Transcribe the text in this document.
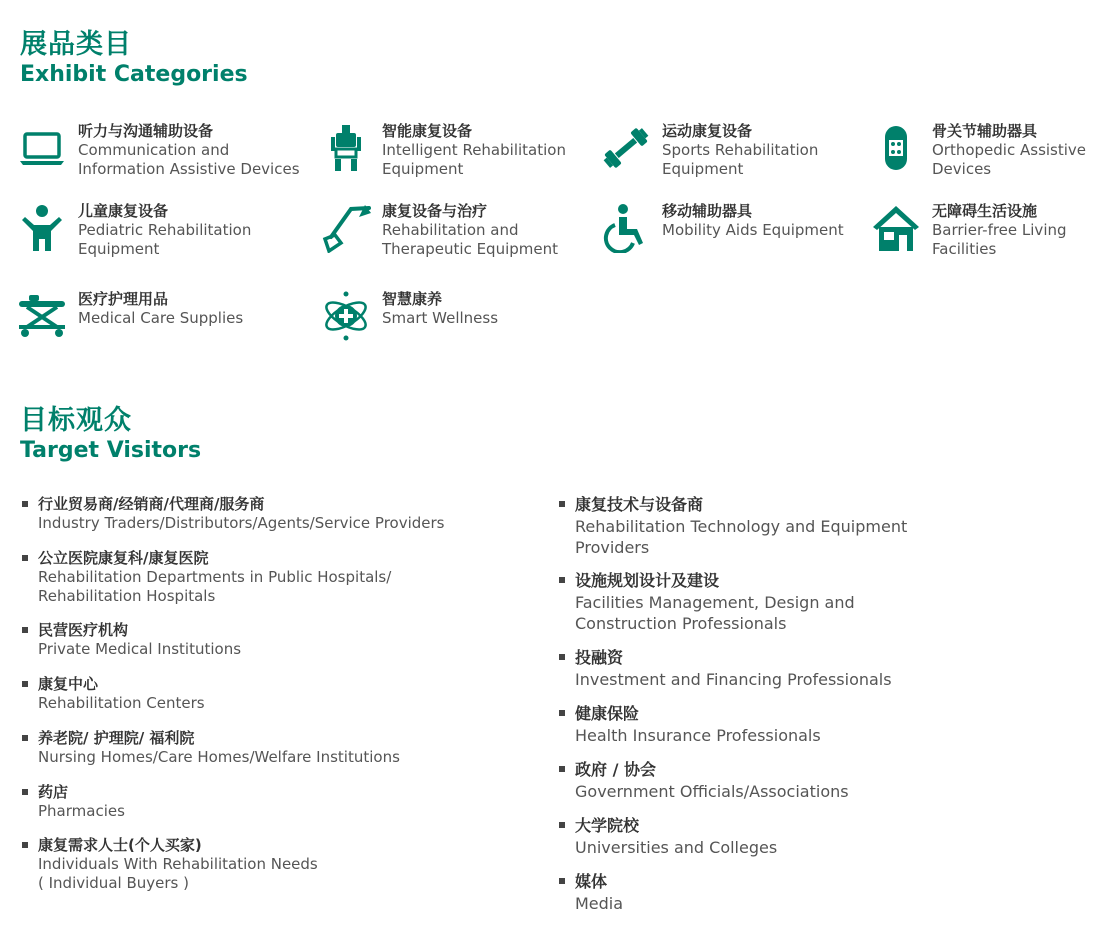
展品类目
Exhibit Categories
听力与沟通辅助设备
Communication and
Information Assistive Devices
智能康复设备
Intelligent Rehabilitation
Equipment
运动康复设备
Sports Rehabilitation
Equipment
骨关节辅助器具
Orthopedic Assistive
Devices
儿童康复设备
Pediatric Rehabilitation
Equipment
康复设备与治疗
Rehabilitation and
Therapeutic Equipment
移动辅助器具
Mobility Aids Equipment
无障碍生活设施
Barrier-free Living
Facilities
医疗护理用品
Medical Care Supplies
智慧康养
Smart Wellness
目标观众
Target Visitors
行业贸易商/经销商/代理商/服务商
Industry Traders/Distributors/Agents/Service Providers
公立医院康复科/康复医院
Rehabilitation Departments in Public Hospitals/
Rehabilitation Hospitals
民营医疗机构
Private Medical Institutions
康复中心
Rehabilitation Centers
养老院/ 护理院/ 福利院
Nursing Homes/Care Homes/Welfare Institutions
药店
Pharmacies
康复需求人士(个人买家)
Individuals With Rehabilitation Needs
( Individual Buyers )
康复技术与设备商
Rehabilitation Technology and Equipment
Providers
设施规划设计及建设
Facilities Management, Design and
Construction Professionals
投融资
Investment and Financing Professionals
健康保险
Health Insurance Professionals
政府 / 协会
Government Officials/Associations
大学院校
Universities and Colleges
媒体
Media
